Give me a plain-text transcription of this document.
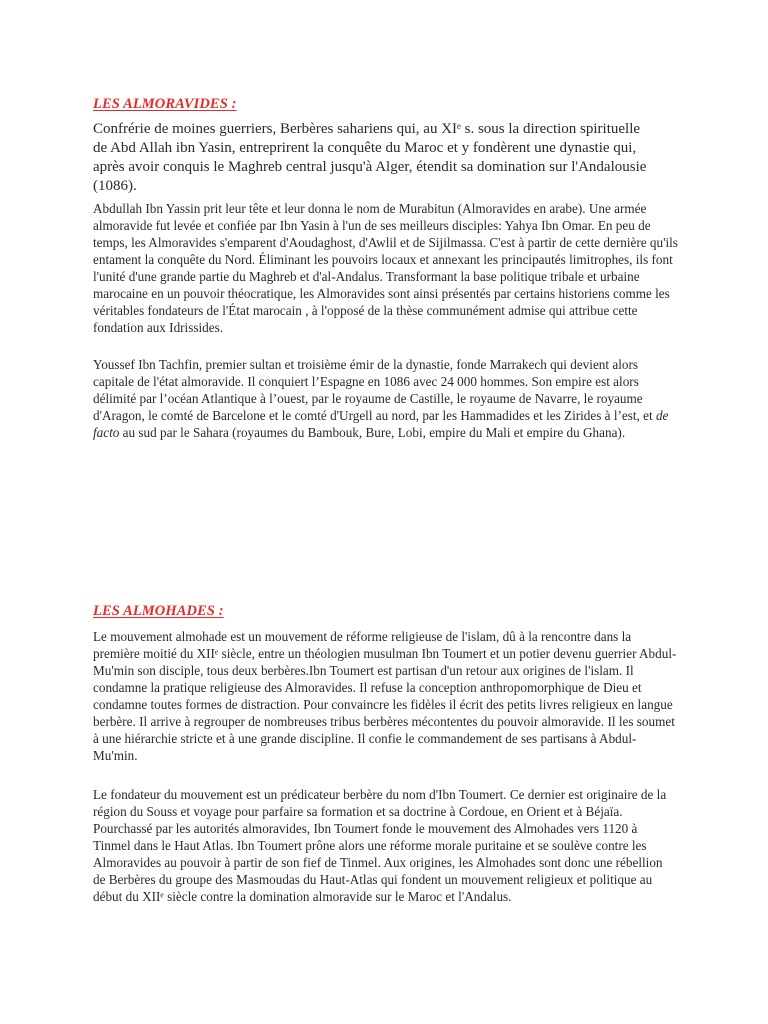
LES ALMORAVIDES :

Confrérie de moines guerriers, Berbères sahariens qui, au XIᵉ s. sous la direction spirituelle de Abd Allah ibn Yasin, entreprirent la conquête du Maroc et y fondèrent une dynastie qui, après avoir conquis le Maghreb central jusqu'à Alger, étendit sa domination sur l'Andalousie (1086).

Abdullah Ibn Yassin prit leur tête et leur donna le nom de Murabitun (Almoravides en arabe). Une armée almoravide fut levée et confiée par Ibn Yasin à l'un de ses meilleurs disciples: Yahya Ibn Omar. En peu de temps, les Almoravides s'emparent d'Aoudaghost, d'Awlil et de Sijilmassa. C'est à partir de cette dernière qu'ils entament la conquête du Nord. Éliminant les pouvoirs locaux et annexant les principautés limitrophes, ils font l'unité d'une grande partie du Maghreb et d'al-Andalus. Transformant la base politique tribale et urbaine marocaine en un pouvoir théocratique, les Almoravides sont ainsi présentés par certains historiens comme les véritables fondateurs de l'État marocain , à l'opposé de la thèse communément admise qui attribue cette fondation aux Idrissides.

Youssef Ibn Tachfin, premier sultan et troisième émir de la dynastie, fonde Marrakech qui devient alors capitale de l'état almoravide. Il conquiert l’Espagne en 1086 avec 24 000 hommes. Son empire est alors délimité par l’océan Atlantique à l’ouest, par le royaume de Castille, le royaume de Navarre, le royaume d'Aragon, le comté de Barcelone et le comté d'Urgell au nord, par les Hammadides et les Zirides à l’est, et de facto au sud par le Sahara (royaumes du Bambouk, Bure, Lobi, empire du Mali et empire du Ghana).

LES ALMOHADES :

Le mouvement almohade est un mouvement de réforme religieuse de l'islam, dû à la rencontre dans la première moitié du XIIᵉ siècle, entre un théologien musulman Ibn Toumert et un potier devenu guerrier Abdul-Mu'min son disciple, tous deux berbères.Ibn Toumert est partisan d'un retour aux origines de l'islam. Il condamne la pratique religieuse des Almoravides. Il refuse la conception anthropomorphique de Dieu et condamne toutes formes de distraction. Pour convaincre les fidèles il écrit des petits livres religieux en langue berbère. Il arrive à regrouper de nombreuses tribus berbères mécontentes du pouvoir almoravide. Il les soumet à une hiérarchie stricte et à une grande discipline. Il confie le commandement de ses partisans à Abdul-Mu'min.

Le fondateur du mouvement est un prédicateur berbère du nom d'Ibn Toumert. Ce dernier est originaire de la région du Souss et voyage pour parfaire sa formation et sa doctrine à Cordoue, en Orient et à Béjaïa. Pourchassé par les autorités almoravides, Ibn Toumert fonde le mouvement des Almohades vers 1120 à Tinmel dans le Haut Atlas. Ibn Toumert prône alors une réforme morale puritaine et se soulève contre les Almoravides au pouvoir à partir de son fief de Tinmel. Aux origines, les Almohades sont donc une rébellion de Berbères du groupe des Masmoudas du Haut-Atlas qui fondent un mouvement religieux et politique au début du XIIᵉ siècle contre la domination almoravide sur le Maroc et l'Andalus.
